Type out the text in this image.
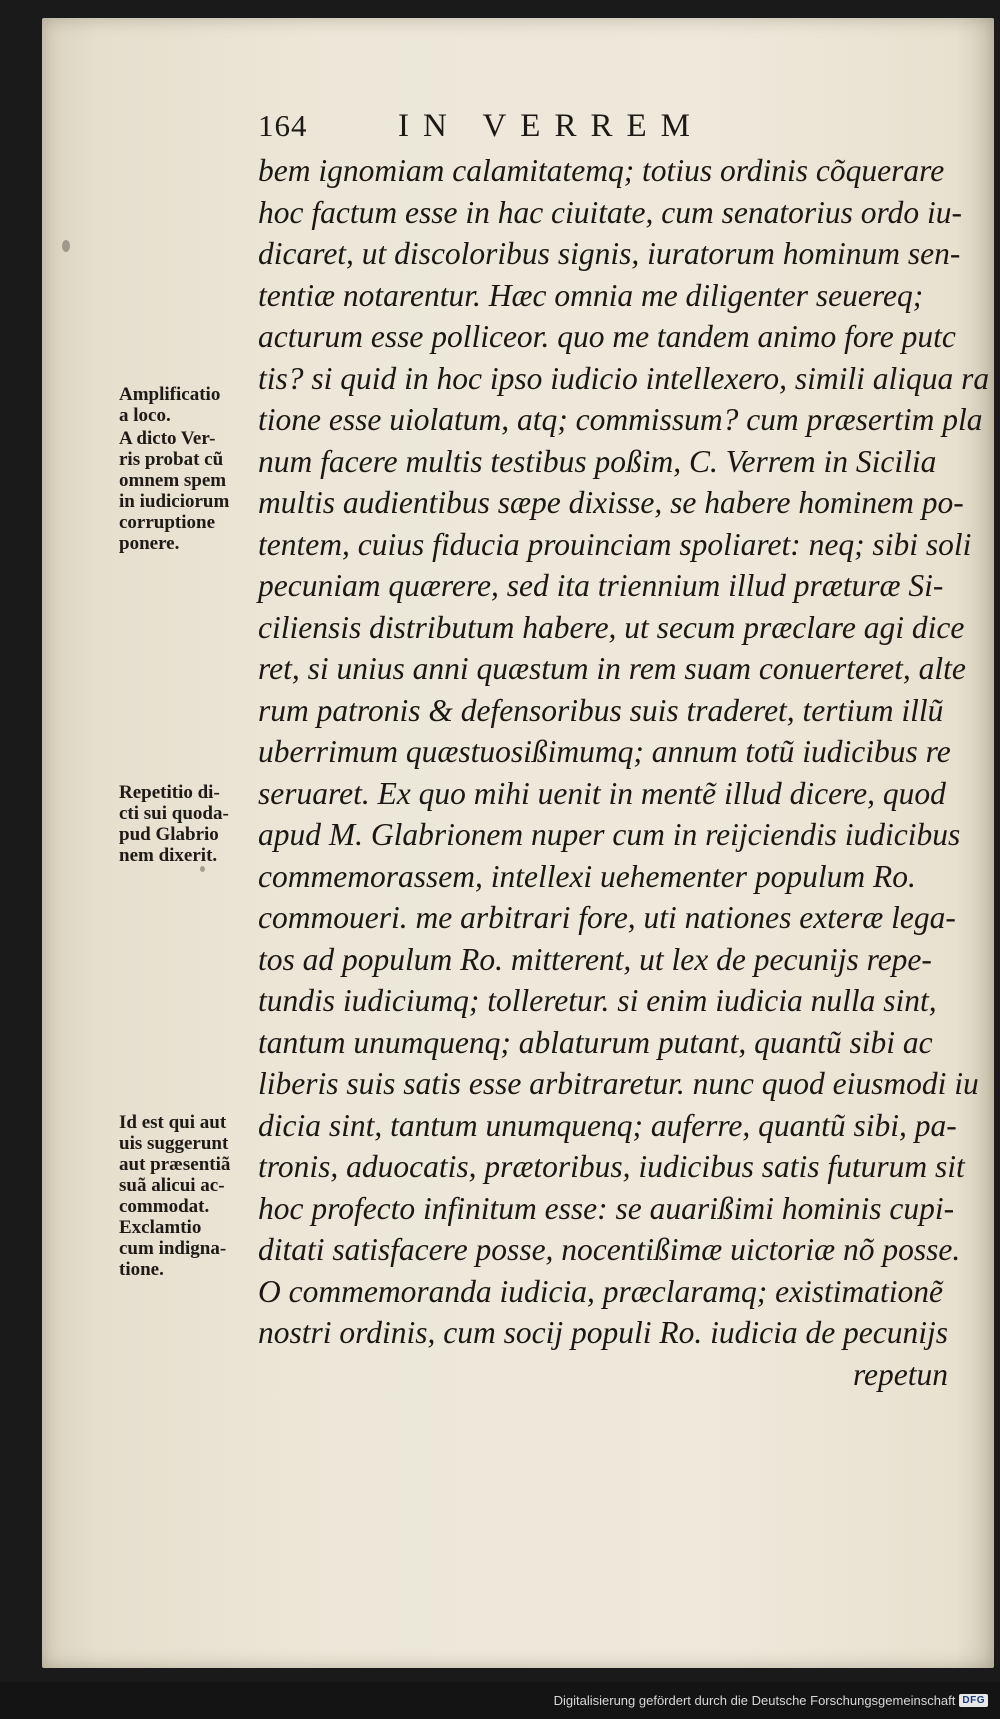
164	IN VERREM
bem ignomiam calamitatemq; totius ordinis cõquerare
hoc factum esse in hac ciuitate, cum senatorius ordo iu-
dicaret, ut discoloribus signis, iuratorum hominum sen-
tentiæ notarentur. Hæc omnia me diligenter seuereq;
acturum esse polliceor. quo me tandem animo fore putc
tis? si quid in hoc ipso iudicio intellexero, simili aliqua ra
tione esse uiolatum, atq; commissum? cum præsertim pla
num facere multis testibus poßim, C. Verrem in Sicilia
multis audientibus sæpe dixisse, se habere hominem po-
tentem, cuius fiducia prouinciam spoliaret: neq; sibi soli
pecuniam quærere, sed ita triennium illud præturæ Si-
ciliensis distributum habere, ut secum præclare agi dice
ret, si unius anni quæstum in rem suam conuerteret, alte
rum patronis & defensoribus suis traderet, tertium illũ
uberrimum quæstuosißimumq; annum totũ iudicibus re
seruaret. Ex quo mihi uenit in mentẽ illud dicere, quod
apud M. Glabrionem nuper cum in reijciendis iudicibus
commemorassem, intellexi uehementer populum Ro.
commoueri. me arbitrari fore, uti nationes exteræ lega-
tos ad populum Ro. mitterent, ut lex de pecunijs repe-
tundis iudiciumq; tolleretur. si enim iudicia nulla sint,
tantum unumquenq; ablaturum putant, quantũ sibi ac
liberis suis satis esse arbitraretur. nunc quod eiusmodi iu
dicia sint, tantum unumquenq; auferre, quantũ sibi, pa-
tronis, aduocatis, prætoribus, iudicibus satis futurum sit
hoc profecto infinitum esse: se auarißimi hominis cupi-
ditati satisfacere posse, nocentißimæ uictoriæ nõ posse.
O commemoranda iudicia, præclaramq; existimationẽ
nostri ordinis, cum socij populi Ro. iudicia de pecunijs
repetun
Amplificatio
a loco.
A dicto Ver-
ris probat cũ
omnem spem
in iudiciorum
corruptione
ponere.
Repetitio di-
cti sui quoda-
pud Glabrio
nem dixerit.
Id est qui aut
uis suggerunt
aut præsentiã
suã alicui ac-
commodat.
Exclamtio
cum indigna-
tione.
Digitalisierung gefördert durch die Deutsche Forschungsgemeinschaft DFG
